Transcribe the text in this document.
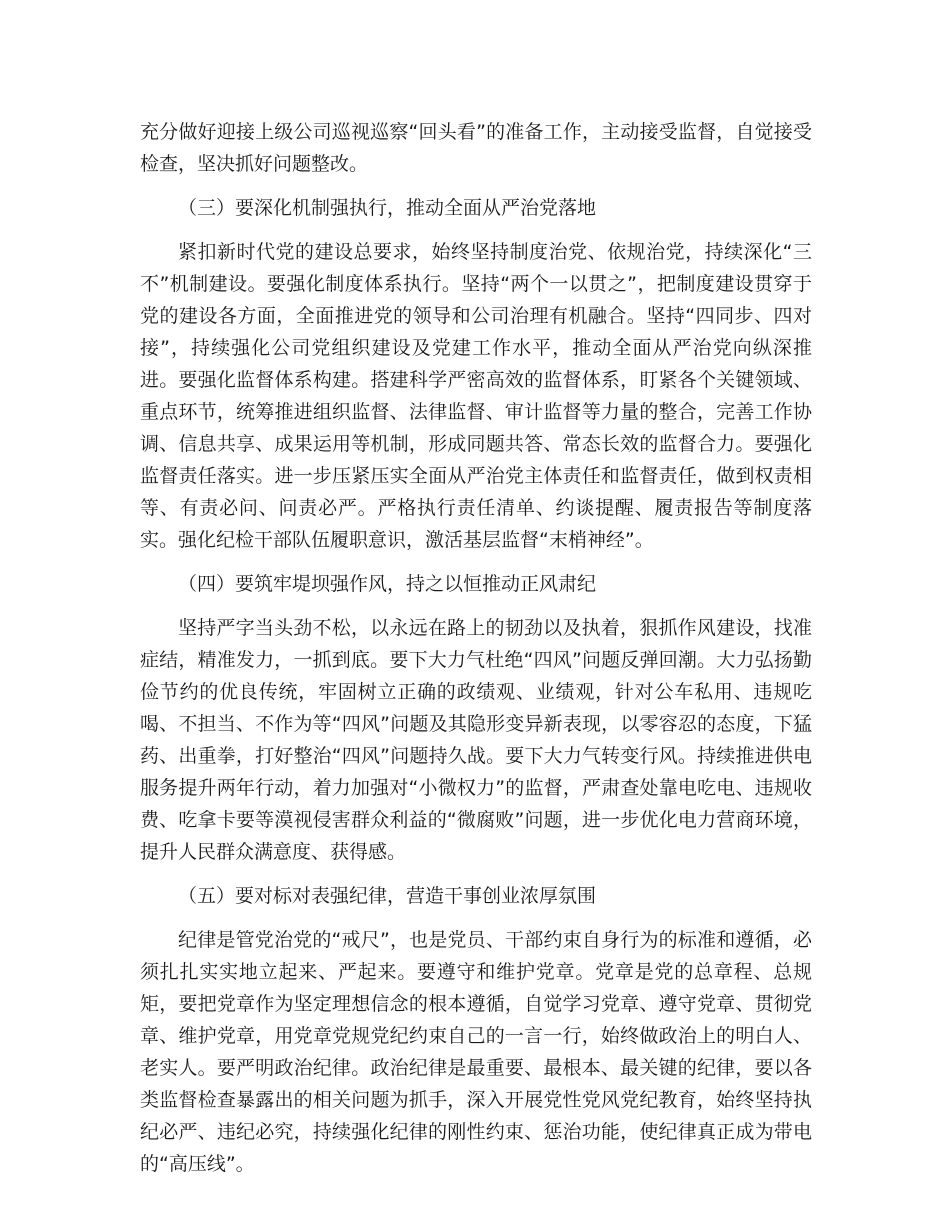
充分做好迎接上级公司巡视巡察“回头看”的准备工作，主动接受监督，自觉接受检查，坚决抓好问题整改。

（三）要深化机制强执行，推动全面从严治党落地

紧扣新时代党的建设总要求，始终坚持制度治党、依规治党，持续深化“三不”机制建设。要强化制度体系执行。坚持“两个一以贯之”，把制度建设贯穿于党的建设各方面，全面推进党的领导和公司治理有机融合。坚持“四同步、四对接”，持续强化公司党组织建设及党建工作水平，推动全面从严治党向纵深推进。要强化监督体系构建。搭建科学严密高效的监督体系，盯紧各个关键领域、重点环节，统筹推进组织监督、法律监督、审计监督等力量的整合，完善工作协调、信息共享、成果运用等机制，形成同题共答、常态长效的监督合力。要强化监督责任落实。进一步压紧压实全面从严治党主体责任和监督责任，做到权责相等、有责必问、问责必严。严格执行责任清单、约谈提醒、履责报告等制度落实。强化纪检干部队伍履职意识，激活基层监督“末梢神经”。

（四）要筑牢堤坝强作风，持之以恒推动正风肃纪

坚持严字当头劲不松，以永远在路上的韧劲以及执着，狠抓作风建设，找准症结，精准发力，一抓到底。要下大力气杜绝“四风”问题反弹回潮。大力弘扬勤俭节约的优良传统，牢固树立正确的政绩观、业绩观，针对公车私用、违规吃喝、不担当、不作为等“四风”问题及其隐形变异新表现，以零容忍的态度，下猛药、出重拳，打好整治“四风”问题持久战。要下大力气转变行风。持续推进供电服务提升两年行动，着力加强对“小微权力”的监督，严肃查处靠电吃电、违规收费、吃拿卡要等漠视侵害群众利益的“微腐败”问题，进一步优化电力营商环境，提升人民群众满意度、获得感。

（五）要对标对表强纪律，营造干事创业浓厚氛围

纪律是管党治党的“戒尺”，也是党员、干部约束自身行为的标准和遵循，必须扎扎实实地立起来、严起来。要遵守和维护党章。党章是党的总章程、总规矩，要把党章作为坚定理想信念的根本遵循，自觉学习党章、遵守党章、贯彻党章、维护党章，用党章党规党纪约束自己的一言一行，始终做政治上的明白人、老实人。要严明政治纪律。政治纪律是最重要、最根本、最关键的纪律，要以各类监督检查暴露出的相关问题为抓手，深入开展党性党风党纪教育，始终坚持执纪必严、违纪必究，持续强化纪律的刚性约束、惩治功能，使纪律真正成为带电的“高压线”。
